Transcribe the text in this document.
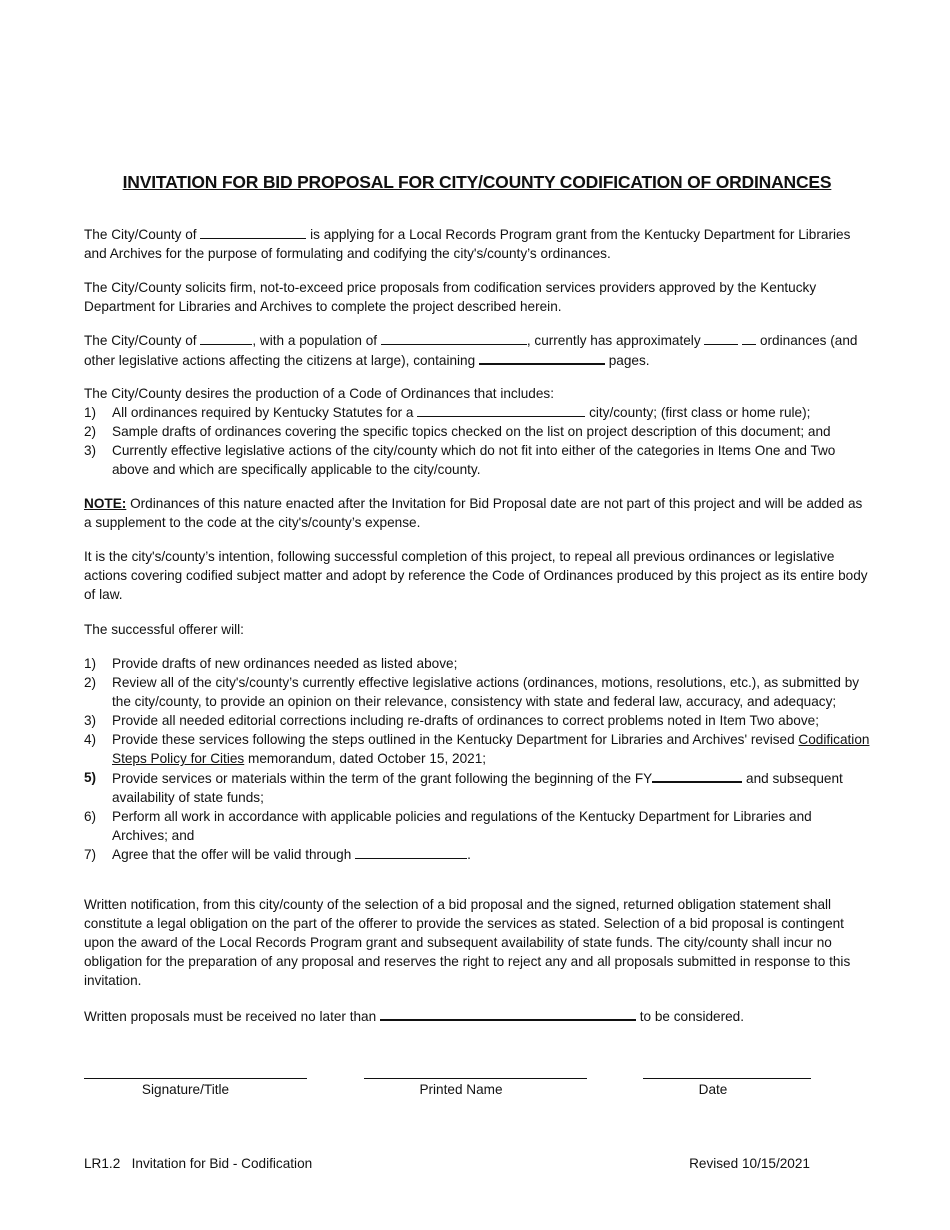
INVITATION FOR BID PROPOSAL FOR CITY/COUNTY CODIFICATION OF ORDINANCES

The City/County of	is applying for a Local Records Program grant from the Kentucky Department for Libraries and Archives for the purpose of formulating and codifying the city's/county’s ordinances.

The City/County solicits firm, not-to-exceed price proposals from codification services providers approved by the Kentucky Department for Libraries and Archives to complete the project described herein.

The City/County of	, with a population of	, currently has approximately	ordinances (and other legislative actions affecting the citizens at large), containing	pages.

The City/County desires the production of a Code of Ordinances that includes:

1) All ordinances required by Kentucky Statutes for a	city/county; (first class or home rule);
2) Sample drafts of ordinances covering the specific topics checked on the list on project description of this document; and
3) Currently effective legislative actions of the city/county which do not fit into either of the categories in Items One and Two above and which are specifically applicable to the city/county.

NOTE: Ordinances of this nature enacted after the Invitation for Bid Proposal date are not part of this project and will be added as a supplement to the code at the city's/county’s expense.

It is the city's/county’s intention, following successful completion of this project, to repeal all previous ordinances or legislative actions covering codified subject matter and adopt by reference the Code of Ordinances produced by this project as its entire body of law.

The successful offerer will:

1) Provide drafts of new ordinances needed as listed above;
2) Review all of the city's/county’s currently effective legislative actions (ordinances, motions, resolutions, etc.), as submitted by the city/county, to provide an opinion on their relevance, consistency with state and federal law, accuracy, and adequacy;
3) Provide all needed editorial corrections including re-drafts of ordinances to correct problems noted in Item Two above;
4) Provide these services following the steps outlined in the Kentucky Department for Libraries and Archives' revised Codification Steps Policy for Cities memorandum, dated October 15, 2021;
5) Provide services or materials within the term of the grant following the beginning of the FY	and subsequent availability of state funds;
6) Perform all work in accordance with applicable policies and regulations of the Kentucky Department for Libraries and Archives; and
7) Agree that the offer will be valid through	.

Written notification, from this city/county of the selection of a bid proposal and the signed, returned obligation statement shall constitute a legal obligation on the part of the offerer to provide the services as stated. Selection of a bid proposal is contingent upon the award of the Local Records Program grant and subsequent availability of state funds. The city/county shall incur no obligation for the preparation of any proposal and reserves the right to reject any and all proposals submitted in response to this invitation.

Written proposals must be received no later than	to be considered.

Signature/Title	Printed Name	Date
LR1.2   Invitation for Bid - Codification	Revised 10/15/2021
